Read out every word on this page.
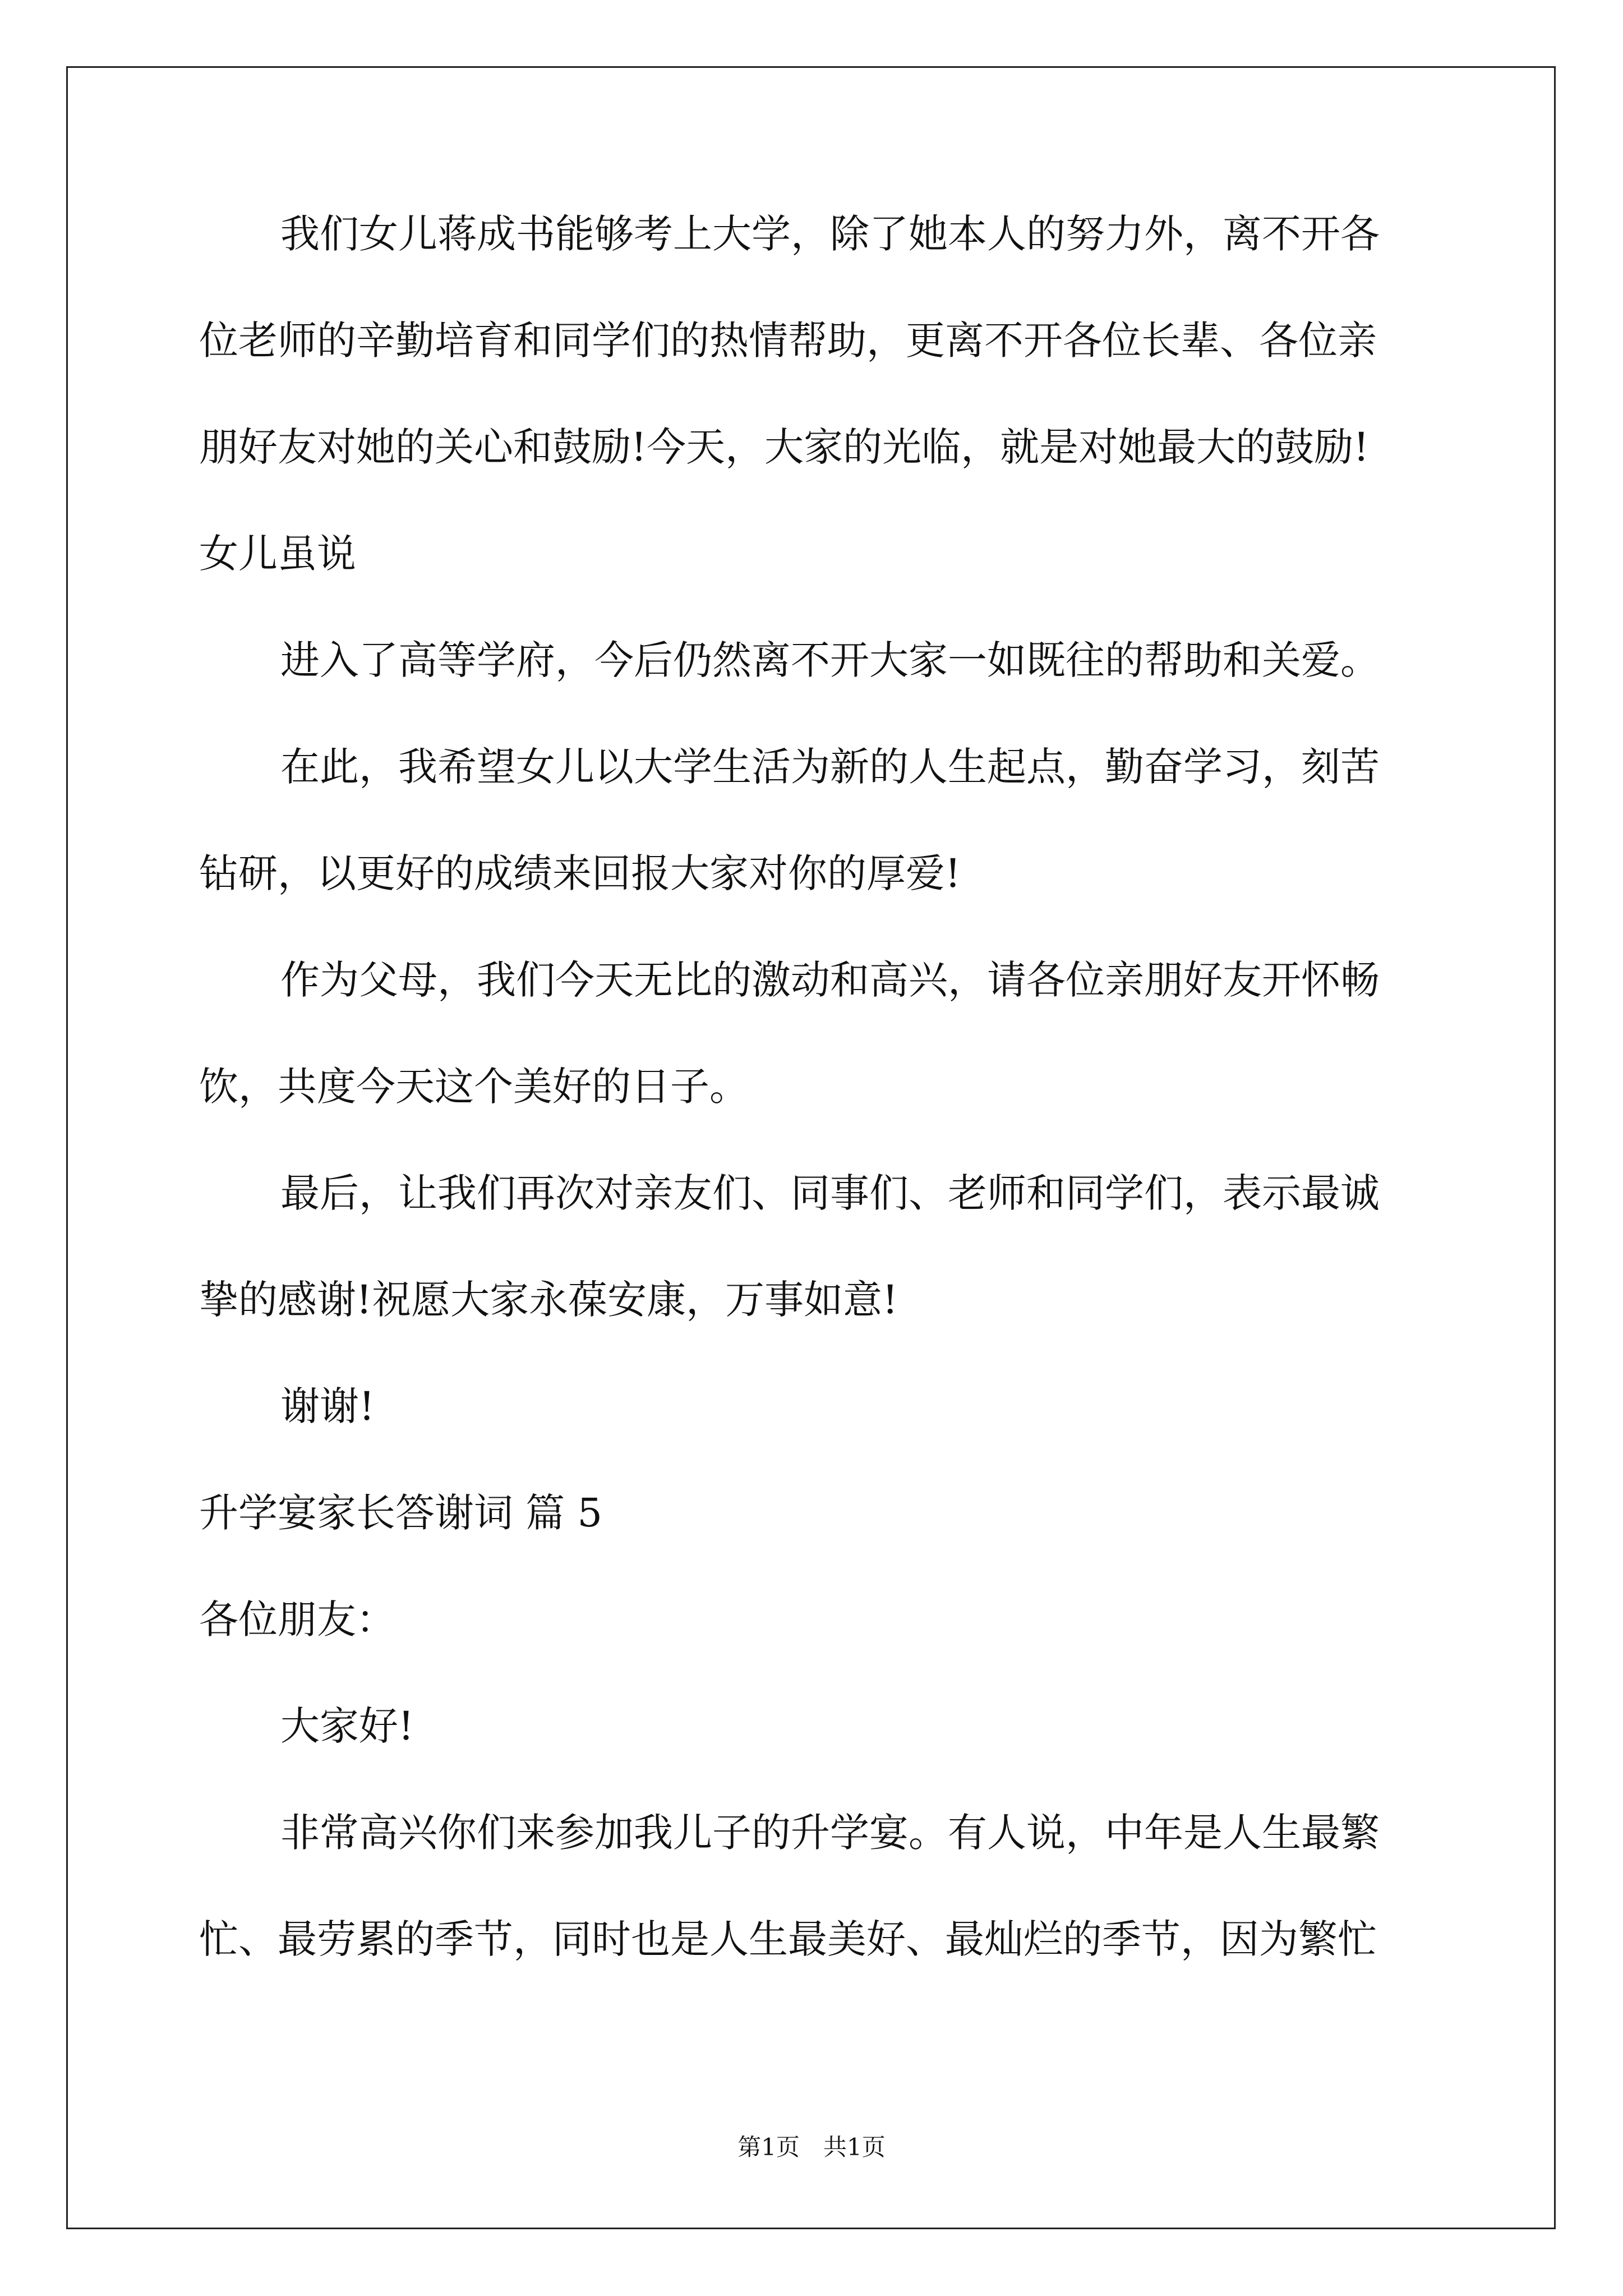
我们女儿蒋成书能够考上大学，除了她本人的努力外，离不开各
位老师的辛勤培育和同学们的热情帮助，更离不开各位长辈、各位亲
朋好友对她的关心和鼓励!今天，大家的光临，就是对她最大的鼓励!
女儿虽说
进入了高等学府，今后仍然离不开大家一如既往的帮助和关爱。
在此，我希望女儿以大学生活为新的人生起点，勤奋学习，刻苦
钻研，以更好的成绩来回报大家对你的厚爱!
作为父母，我们今天无比的激动和高兴，请各位亲朋好友开怀畅
饮，共度今天这个美好的日子。
最后，让我们再次对亲友们、同事们、老师和同学们，表示最诚
挚的感谢!祝愿大家永葆安康，万事如意!
谢谢!
升学宴家长答谢词 篇 5
各位朋友：
大家好!
非常高兴你们来参加我儿子的升学宴。有人说，中年是人生最繁
忙、最劳累的季节，同时也是人生最美好、最灿烂的季节，因为繁忙
第1页　共1页
